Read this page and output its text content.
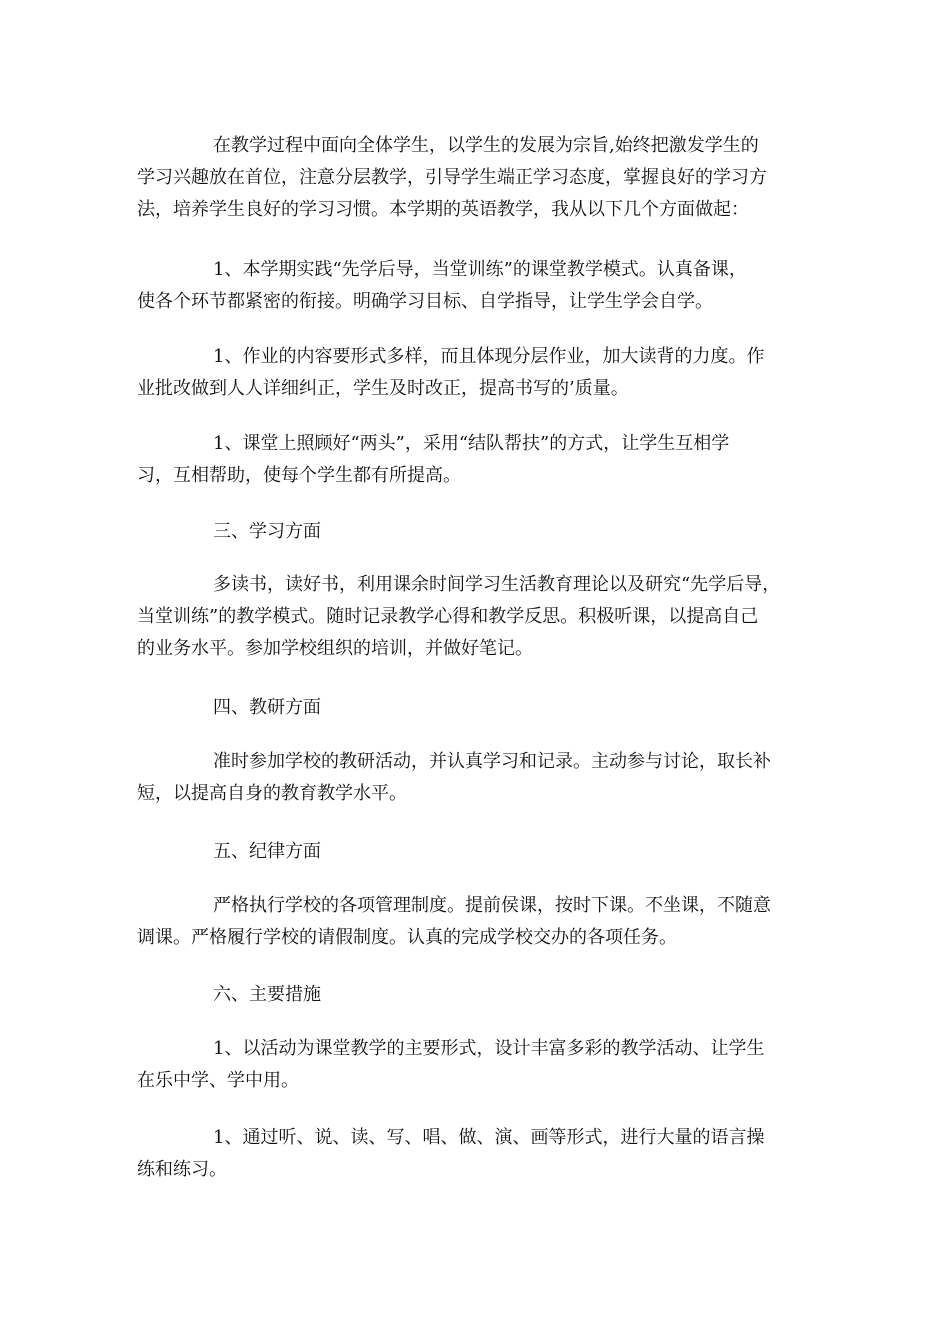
在教学过程中面向全体学生，以学生的发展为宗旨,始终把激发学生的
学习兴趣放在首位，注意分层教学，引导学生端正学习态度，掌握良好的学习方
法，培养学生良好的学习习惯。本学期的英语教学，我从以下几个方面做起：
1、本学期实践“先学后导，当堂训练”的课堂教学模式。认真备课，
使各个环节都紧密的衔接。明确学习目标、自学指导，让学生学会自学。
1、作业的内容要形式多样，而且体现分层作业，加大读背的力度。作
业批改做到人人详细纠正，学生及时改正，提高书写的’质量。
1、课堂上照顾好“两头”，采用“结队帮扶”的方式，让学生互相学
习，互相帮助，使每个学生都有所提高。
三、学习方面
多读书，读好书，利用课余时间学习生活教育理论以及研究“先学后导，
当堂训练”的教学模式。随时记录教学心得和教学反思。积极听课，以提高自己
的业务水平。参加学校组织的培训，并做好笔记。
四、教研方面
准时参加学校的教研活动，并认真学习和记录。主动参与讨论，取长补
短，以提高自身的教育教学水平。
五、纪律方面
严格执行学校的各项管理制度。提前侯课，按时下课。不坐课，不随意
调课。严格履行学校的请假制度。认真的完成学校交办的各项任务。
六、主要措施
1、以活动为课堂教学的主要形式，设计丰富多彩的教学活动、让学生
在乐中学、学中用。
1、通过听、说、读、写、唱、做、演、画等形式，进行大量的语言操
练和练习。
